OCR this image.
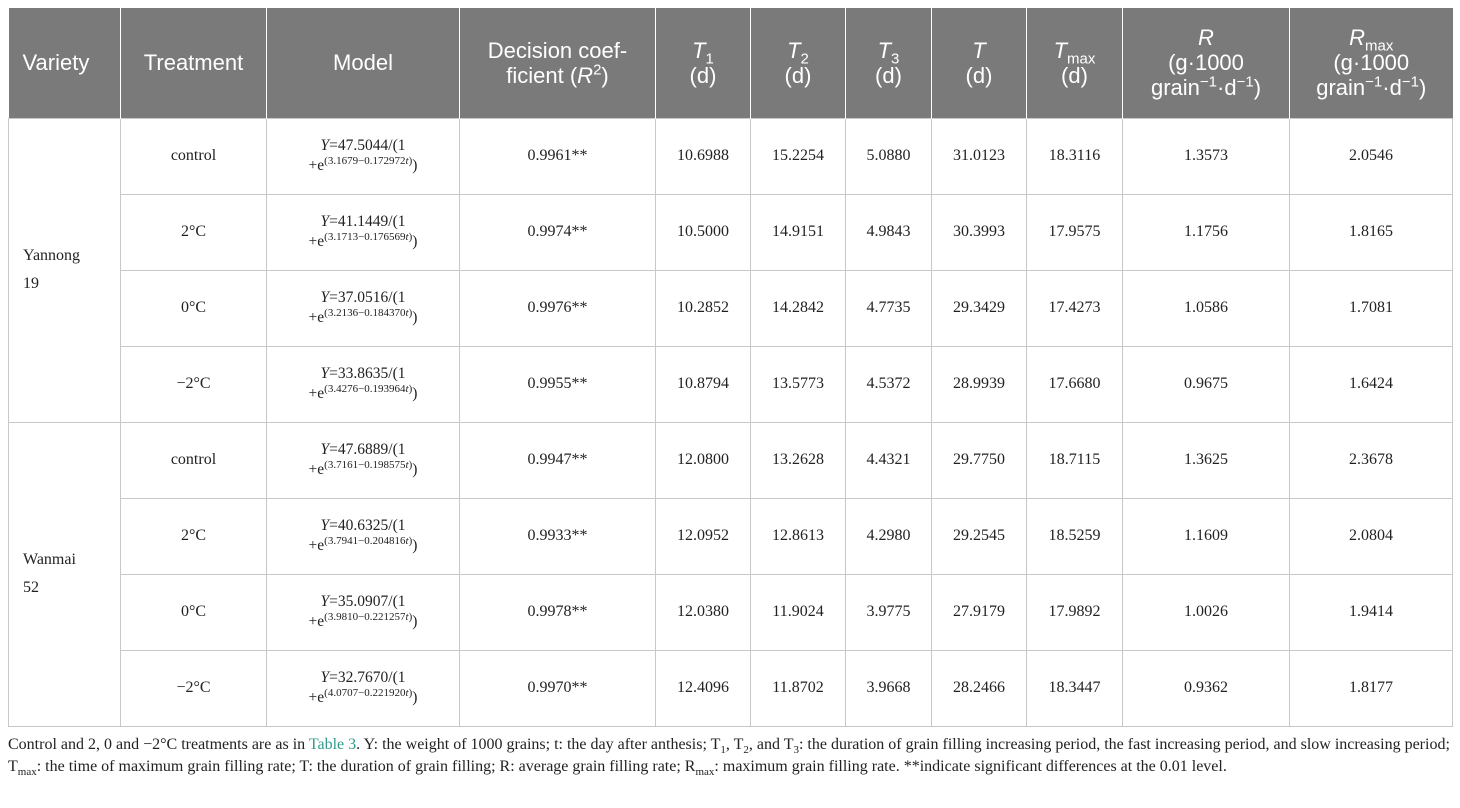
Variety	Treatment	Model	Decision coef-
ficient $(R^2)$	$T_1$
(d)	$T_2$
(d)	$T_3$
(d)	T
(d)	$T_{max}$
(d)	R
(g·1000
$grain^{-1}\cdot d^{-1}$)	$R_{max}$
(g·1000
$grain^{-1}\cdot d^{-1}$)
Yannong
19	control	Y=47.5044/(1
$+e^{(3.1679-0.172972t)}$)	0.9961**	10.6988	15.2254	5.0880	31.0123	18.3116	1.3573	2.0546
	2°C	Y=41.1449/(1
$+e^{(3.1713-0.176569t)}$)	0.9974**	10.5000	14.9151	4.9843	30.3993	17.9575	1.1756	1.8165
	0°C	Y=37.0516/(1
$+e^{(3.2136-0.184370t)}$)	0.9976**	10.2852	14.2842	4.7735	29.3429	17.4273	1.0586	1.7081
	−2°C	Y=33.8635/(1
$+e^{(3.4276-0.193964t)}$)	0.9955**	10.8794	13.5773	4.5372	28.9939	17.6680	0.9675	1.6424
Wanmai
52	control	Y=47.6889/(1
$+e^{(3.7161-0.198575t)}$)	0.9947**	12.0800	13.2628	4.4321	29.7750	18.7115	1.3625	2.3678
	2°C	Y=40.6325/(1
$+e^{(3.7941-0.204816t)}$)	0.9933**	12.0952	12.8613	4.2980	29.2545	18.5259	1.1609	2.0804
	0°C	Y=35.0907/(1
$+e^{(3.9810-0.221257t)}$)	0.9978**	12.0380	11.9024	3.9775	27.9179	17.9892	1.0026	1.9414
	−2°C	Y=32.7670/(1
$+e^{(4.0707-0.221920t)}$)	0.9970**	12.4096	11.8702	3.9668	28.2466	18.3447	0.9362	1.8177
Control and 2, 0 and −2°C treatments are as in Table 3. Y: the weight of 1000 grains; t: the day after anthesis; $T_1$, $T_2$, and $T_3$: the duration of grain filling increasing period, the fast increasing period, and slow increasing period; $T_{max}$: the time of maximum grain filling rate; T: the duration of grain filling; R: average grain filling rate; $R_{max}$: maximum grain filling rate. **indicate significant differences at the 0.01 level.
